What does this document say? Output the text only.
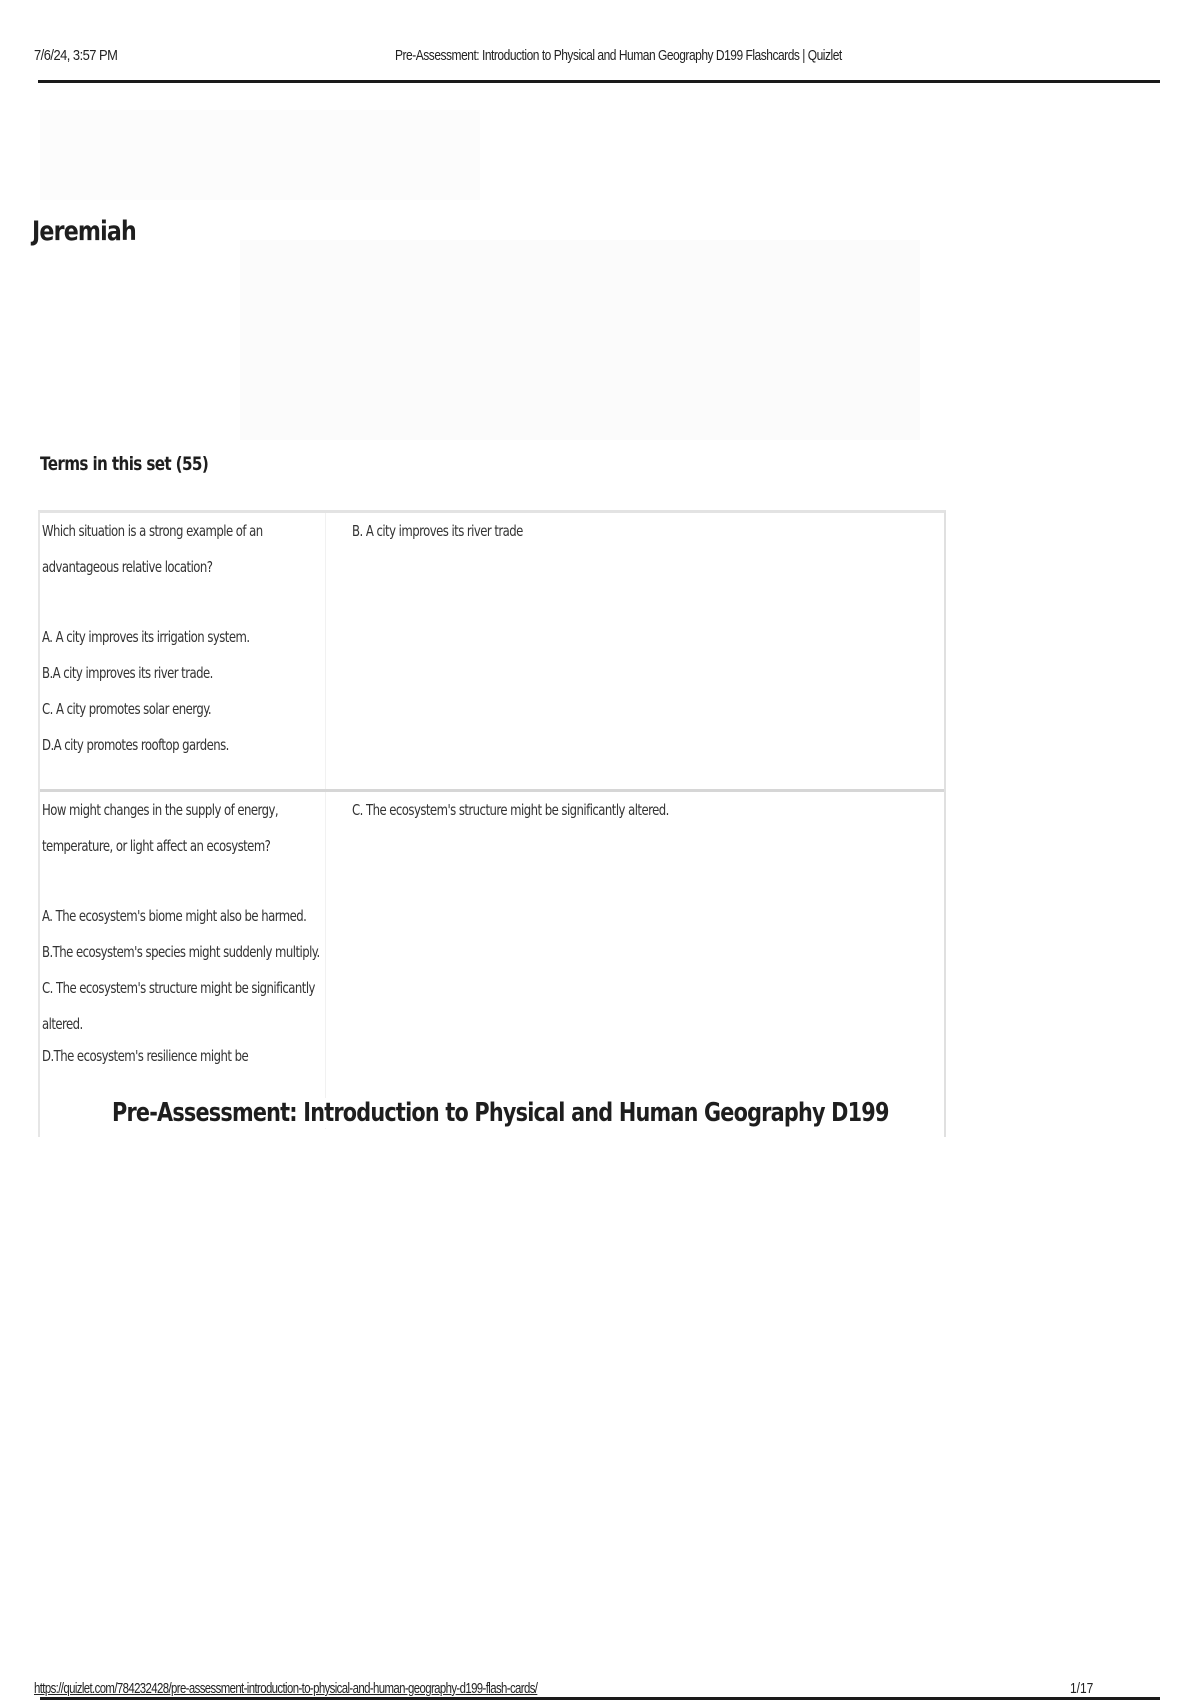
7/6/24, 3:57 PM	Pre-Assessment: Introduction to Physical and Human Geography D199 Flashcards | Quizlet
Jeremiah
Terms in this set (55)
Which situation is a strong example of an
advantageous relative location?
A. A city improves its irrigation system.
B.A city improves its river trade.
C. A city promotes solar energy.
D.A city promotes rooftop gardens.
B. A city improves its river trade
How might changes in the supply of energy,
temperature, or light affect an ecosystem?
A. The ecosystem's biome might also be harmed.
B.The ecosystem's species might suddenly multiply.
C. The ecosystem's structure might be significantly
altered.
D.The ecosystem's resilience might be
C. The ecosystem's structure might be significantly altered.
Pre-Assessment: Introduction to Physical and Human Geography D199
https://quizlet.com/784232428/pre-assessment-introduction-to-physical-and-human-geography-d199-flash-cards/	1/17
